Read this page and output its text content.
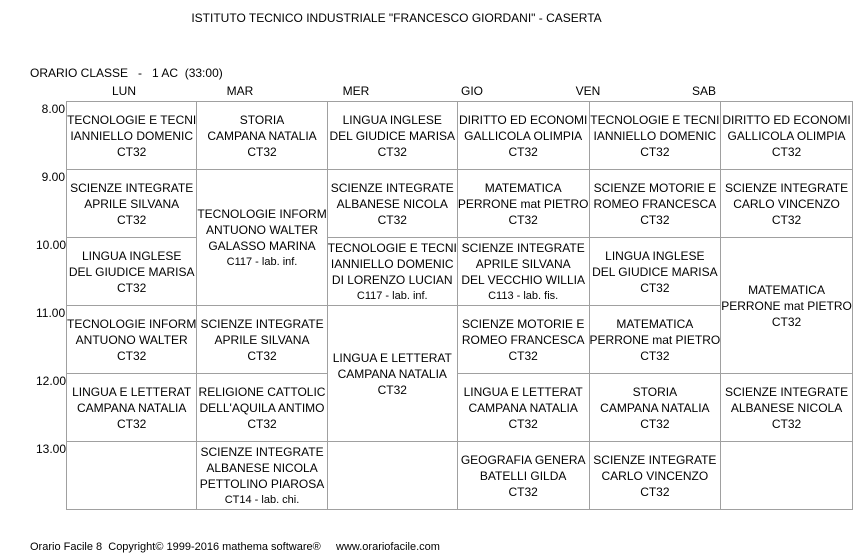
ISTITUTO TECNICO INDUSTRIALE "FRANCESCO GIORDANI" - CASERTA
ORARIO CLASSE   -   1 AC  (33:00)
LUN	MAR	MER	GIO	VEN	SAB
8.00
9.00
10.00
11.00
12.00
13.00
TECNOLOGIE E TECNI
IANNIELLO DOMENIC
CT32	STORIA
CAMPANA NATALIA
CT32	LINGUA INGLESE
DEL GIUDICE MARISA
CT32	DIRITTO ED ECONOMI
GALLICOLA OLIMPIA
CT32	TECNOLOGIE E TECNI
IANNIELLO DOMENIC
CT32	DIRITTO ED ECONOMI
GALLICOLA OLIMPIA
CT32

SCIENZE INTEGRATE
APRILE SILVANA
CT32	TECNOLOGIE INFORM
ANTUONO WALTER
GALASSO MARINA
C117 - lab. inf.	SCIENZE INTEGRATE
ALBANESE NICOLA
CT32	MATEMATICA
PERRONE mat PIETRO
CT32	SCIENZE MOTORIE E
ROMEO FRANCESCA
CT32	SCIENZE INTEGRATE
CARLO VINCENZO
CT32

LINGUA INGLESE
DEL GIUDICE MARISA
CT32		TECNOLOGIE E TECNI
IANNIELLO DOMENIC
DI LORENZO LUCIAN
C117 - lab. inf.	SCIENZE INTEGRATE
APRILE SILVANA
DEL VECCHIO WILLIA
C113 - lab. fis.	LINGUA INGLESE
DEL GIUDICE MARISA
CT32	MATEMATICA
PERRONE mat PIETRO
CT32

TECNOLOGIE INFORM
ANTUONO WALTER
CT32	SCIENZE INTEGRATE
APRILE SILVANA
CT32	LINGUA E LETTERAT
CAMPANA NATALIA
CT32	SCIENZE MOTORIE E
ROMEO FRANCESCA
CT32	MATEMATICA
PERRONE mat PIETRO
CT32	

LINGUA E LETTERAT
CAMPANA NATALIA
CT32	RELIGIONE CATTOLIC
DELL'AQUILA ANTIMO
CT32		LINGUA E LETTERAT
CAMPANA NATALIA
CT32	STORIA
CAMPANA NATALIA
CT32	SCIENZE INTEGRATE
ALBANESE NICOLA
CT32

	SCIENZE INTEGRATE
ALBANESE NICOLA
PETTOLINO PIAROSA
CT14 - lab. chi.		GEOGRAFIA GENERA
BATELLI GILDA
CT32	SCIENZE INTEGRATE
CARLO VINCENZO
CT32	

Orario Facile 8  Copyright© 1999-2016 mathema software®     www.orariofacile.com
